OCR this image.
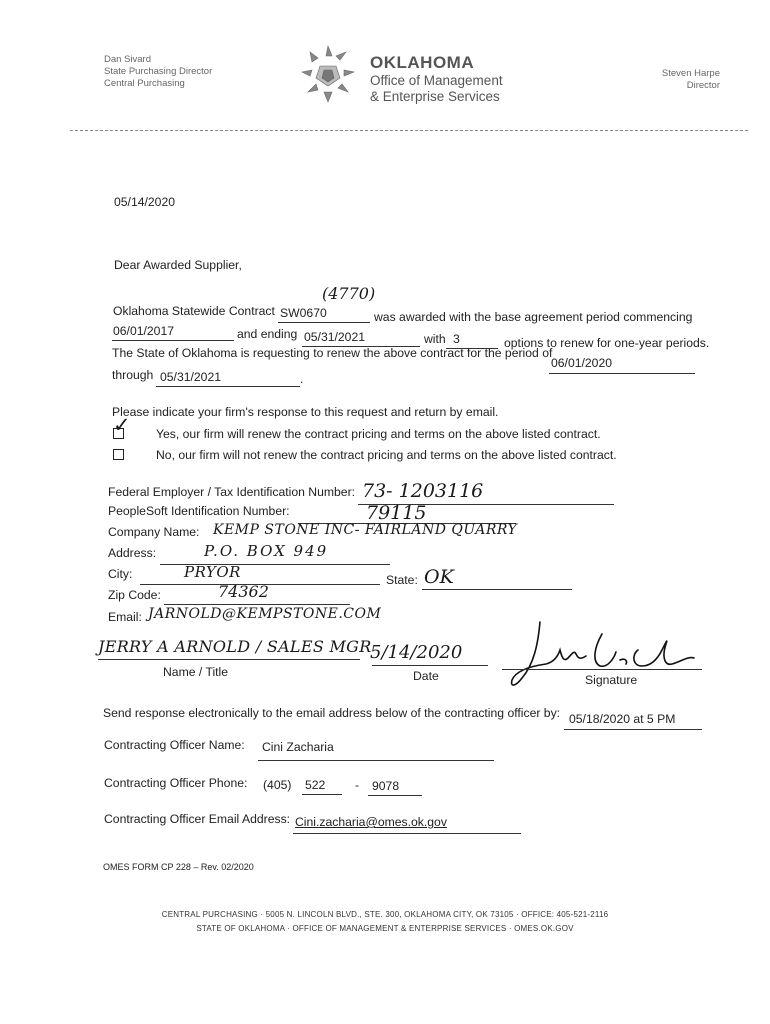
Dan Sivard
State Purchasing Director
Central Purchasing
OKLAHOMA
Office of Management
& Enterprise Services
Steven Harpe
Director
05/14/2020
Dear Awarded Supplier,
(4770)
Oklahoma Statewide Contract SW0670	was awarded with the base agreement period commencing
06/01/2017	and ending 05/31/2021	with 3	options to renew for one-year periods.
The State of Oklahoma is requesting to renew the above contract for the period of
06/01/2020
through 05/31/2021	.
Please indicate your firm's response to this request and return by email.
✓ Yes, our firm will renew the contract pricing and terms on the above listed contract.
No, our firm will not renew the contract pricing and terms on the above listed contract.
Federal Employer / Tax Identification Number: 73- 1203116
PeopleSoft Identification Number:	79115
Company Name: KEMP STONE INC- FAIRLAND QUARRY
Address:	P.O. BOX 949
City:	PRYOR	State: OK
Zip Code:	74362
Email: JARNOLD@KEMPSTONE.COM
JERRY A ARNOLD / SALES MGR
Name / Title
5/14/2020
Date	Signature
Send response electronically to the email address below of the contracting officer by: 05/18/2020 at 5 PM
Contracting Officer Name: Cini Zacharia
Contracting Officer Phone: (405) 522 - 9078
Contracting Officer Email Address: Cini.zacharia@omes.ok.gov
OMES FORM CP 228 – Rev. 02/2020
CENTRAL PURCHASING · 5005 N. LINCOLN BLVD., STE. 300, OKLAHOMA CITY, OK 73105 · OFFICE: 405-521-2116
STATE OF OKLAHOMA · OFFICE OF MANAGEMENT & ENTERPRISE SERVICES · OMES.OK.GOV
